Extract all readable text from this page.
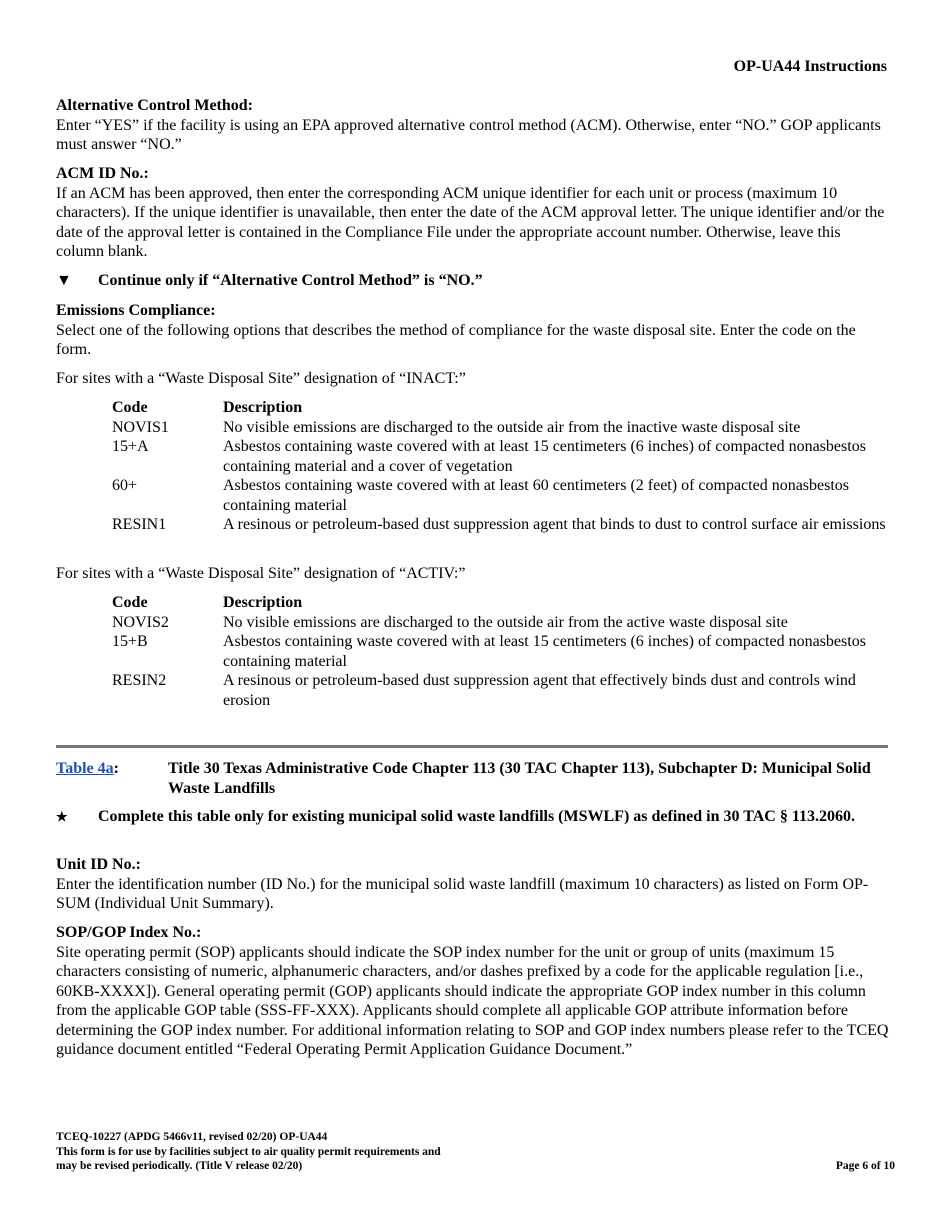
OP-UA44 Instructions

Alternative Control Method:

Enter “YES” if the facility is using an EPA approved alternative control method (ACM). Otherwise, enter “NO.” GOP applicants must answer “NO.”

ACM ID No.:

If an ACM has been approved, then enter the corresponding ACM unique identifier for each unit or process (maximum 10 characters). If the unique identifier is unavailable, then enter the date of the ACM approval letter. The unique identifier and/or the date of the approval letter is contained in the Compliance File under the appropriate account number. Otherwise, leave this column blank.

▼	Continue only if “Alternative Control Method” is “NO.”

Emissions Compliance:

Select one of the following options that describes the method of compliance for the waste disposal site. Enter the code on the form.

For sites with a “Waste Disposal Site” designation of “INACT:”

Code	Description
NOVIS1	No visible emissions are discharged to the outside air from the inactive waste disposal site
15+A	Asbestos containing waste covered with at least 15 centimeters (6 inches) of compacted nonasbestos containing material and a cover of vegetation
60+	Asbestos containing waste covered with at least 60 centimeters (2 feet) of compacted nonasbestos containing material
RESIN1	A resinous or petroleum-based dust suppression agent that binds to dust to control surface air emissions

For sites with a “Waste Disposal Site” designation of “ACTIV:”

Code	Description
NOVIS2	No visible emissions are discharged to the outside air from the active waste disposal site
15+B	Asbestos containing waste covered with at least 15 centimeters (6 inches) of compacted nonasbestos containing material
RESIN2	A resinous or petroleum-based dust suppression agent that effectively binds dust and controls wind erosion
★	Complete this table only for existing municipal solid waste landfills (MSWLF) as defined in 30 TAC § 113.2060.

Unit ID No.:

Enter the identification number (ID No.) for the municipal solid waste landfill (maximum 10 characters) as listed on Form OP-SUM (Individual Unit Summary).

SOP/GOP Index No.:

Site operating permit (SOP) applicants should indicate the SOP index number for the unit or group of units (maximum 15 characters consisting of numeric, alphanumeric characters, and/or dashes prefixed by a code for the applicable regulation [i.e., 60KB-XXXX]). General operating permit (GOP) applicants should indicate the appropriate GOP index number in this column from the applicable GOP table (SSS-FF-XXX). Applicants should complete all applicable GOP attribute information before determining the GOP index number. For additional information relating to SOP and GOP index numbers please refer to the TCEQ guidance document entitled “Federal Operating Permit Application Guidance Document.”

Table 4a:	Title 30 Texas Administrative Code Chapter 113 (30 TAC Chapter 113), Subchapter D: Municipal Solid Waste Landfills
TCEQ-10227 (APDG 5466v11, revised 02/20) OP-UA44
This form is for use by facilities subject to air quality permit requirements and
may be revised periodically. (Title V release 02/20)	Page 6 of 10
